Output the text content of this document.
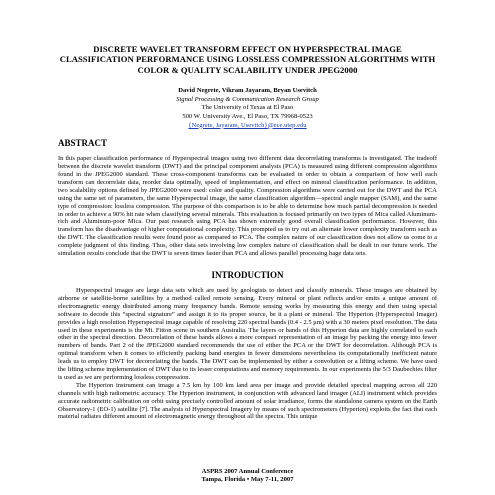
DISCRETE WAVELET TRANSFORM EFFECT ON HYPERSPECTRAL IMAGE CLASSIFICATION PERFORMANCE USING LOSSLESS COMPRESSION ALGORITHMS WITH COLOR & QUALITY SCALABILITY UNDER JPEG2000
David Negrete, Vikram Jayaram, Bryan Usevitch
Signal Processing & Communication Research Group
The University of Texas at El Paso
500 W. University Ave., El Paso, TX 79968-0523
{Negrete, Jayaram, Usevitch}@ece.utep.edu
ABSTRACT

In this paper classification performance of Hyperspectral images using two different data decorrelating transforms is investigated. The tradeoff between the discrete wavelet transform (DWT) and the principal component analysis (PCA) is measured using different compression algorithms found in the JPEG2000 standard. These cross-component transforms can be evaluated in order to obtain a comparison of how well each transform can decorrelate data, reorder data optimally, speed of implementation, and effect on mineral classification performance. In addition, two scalability options defined by JPEG2000 were used: color and quality. Compression algorithms were carried out for the DWT and the PCA using the same set of parameters, the same Hyperspectral image, the same classification algorithm—spectral angle mapper (SAM), and the same type of compression: lossless compression. The purpose of this comparison is to be able to determine how much partial decompression is needed in order to achieve a 90% hit rate when classifying several minerals. This evaluation is focused primarily on two types of Mica called Aluminum-rich and Aluminum-poor Mica. Our past research using PCA has shown extremely good overall classification performance. However, this transform has the disadvantage of higher computational complexity. This prompted us to try out an alternate lower complexity transform such as the DWT. The classification results were found poor as compared to PCA. The complex nature of our classification does not allow us come to a complete judgment of this finding. Thus, other data sets involving low complex nature of classification shall be dealt in our future work. The simulation results conclude that the DWT is seven times faster than PCA and allows parallel processing bage data sets.

INTRODUCTION

Hyperspectral images are large data sets which are used by geologists to detect and classify minerals. These images are obtained by airborne or satellite-borne satellites by a method called remote sensing. Every mineral or plant reflects and/or emits a unique amount of electromagnetic energy distributed among many frequency bands. Remote sensing works by measuring this energy and then using special software to decode this “spectral signature” and assign it to its proper source, be it a plant or mineral. The Hyperion (Hyperspectral Imager) provides a high resolution Hyperspectral image capable of resolving 220 spectral bands (0.4 - 2.5 μm) with a 30 meters pixel resolution. The data used in these experiments is the Mt. Fitton scene in southern Australia. The layers or bands of this Hyperion data are highly correlated to each other in the spectral direction. Decorrelation of these bands allows a more compact representation of an image by packing the energy into fewer numbers of bands. Part 2 of the JPEG2000 standard recommends the use of either the PCA or the DWT for decorrelation. Although PCA is optimal transform when it comes to efficiently packing band energies in fewer dimensions nevertheless its computationally inefficient nature leads us to employ DWT for decorrelating the bands. The DWT can be implemented by either a convolution or a lifting scheme. We have used the lifting scheme implementation of DWT due to its lesser computations and memory requirements. In our experiments the 5/3 Daubechies filter is used as we are performing lossless compression.

The Hyperion instrument can image a 7.5 km by 100 km land area per image and provide detailed spectral mapping across all 220 channels with high radiometric accuracy. The Hyperion instrument, in conjunction with advanced land imager (ALI) instrument which provides accurate radiometric calibration on orbit using precisely controlled amount of solar irradiance, forms the standalone camera system on the Earth Observatory-1 (EO-1) satellite [7]. The analysis of Hyperspectral Imagery by means of such spectrometers (Hyperion) exploits the fact that each material radiates different amount of electromagnetic energy throughout all the spectra. This unique

ASPRS 2007 Annual Conference
Tampa, Florida • May 7-11, 2007
